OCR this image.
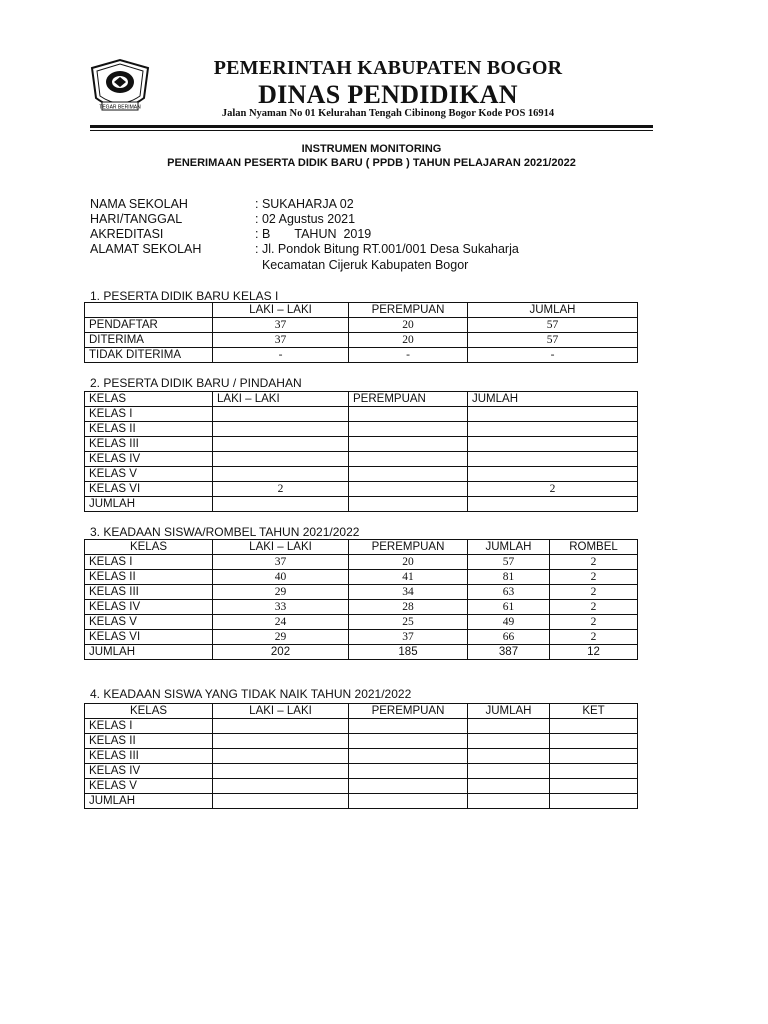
TEGAR BERIMAN
PEMERINTAH KABUPATEN BOGOR
DINAS PENDIDIKAN
Jalan Nyaman No 01 Kelurahan Tengah Cibinong Bogor Kode POS 16914
INSTRUMEN MONITORING
PENERIMAAN PESERTA DIDIK BARU ( PPDB ) TAHUN PELAJARAN 2021/2022
NAMA SEKOLAH	: SUKAHARJA 02
HARI/TANGGAL	: 02 Agustus 2021
AKREDITASI	: B       TAHUN  2019
ALAMAT SEKOLAH	: Jl. Pondok Bitung RT.001/001 Desa Sukaharja
Kecamatan Cijeruk Kabupaten Bogor
1. PESERTA DIDIK BARU KELAS I
	LAKI – LAKI	PEREMPUAN	JUMLAH
PENDAFTAR	37	20	57
DITERIMA	37	20	57
TIDAK DITERIMA	-	-	-
2. PESERTA DIDIK BARU / PINDAHAN
KELAS	LAKI – LAKI	PEREMPUAN	JUMLAH
KELAS I			
KELAS II			
KELAS III			
KELAS IV			
KELAS V			
KELAS VI	2		2
JUMLAH			
3. KEADAAN SISWA/ROMBEL TAHUN 2021/2022
KELAS	LAKI – LAKI	PEREMPUAN	JUMLAH	ROMBEL
KELAS I	37	20	57	2
KELAS II	40	41	81	2
KELAS III	29	34	63	2
KELAS IV	33	28	61	2
KELAS V	24	25	49	2
KELAS VI	29	37	66	2
JUMLAH	202	185	387	12
4. KEADAAN SISWA YANG TIDAK NAIK TAHUN 2021/2022
KELAS	LAKI – LAKI	PEREMPUAN	JUMLAH	KET
KELAS I				
KELAS II				
KELAS III				
KELAS IV				
KELAS V				
JUMLAH				
